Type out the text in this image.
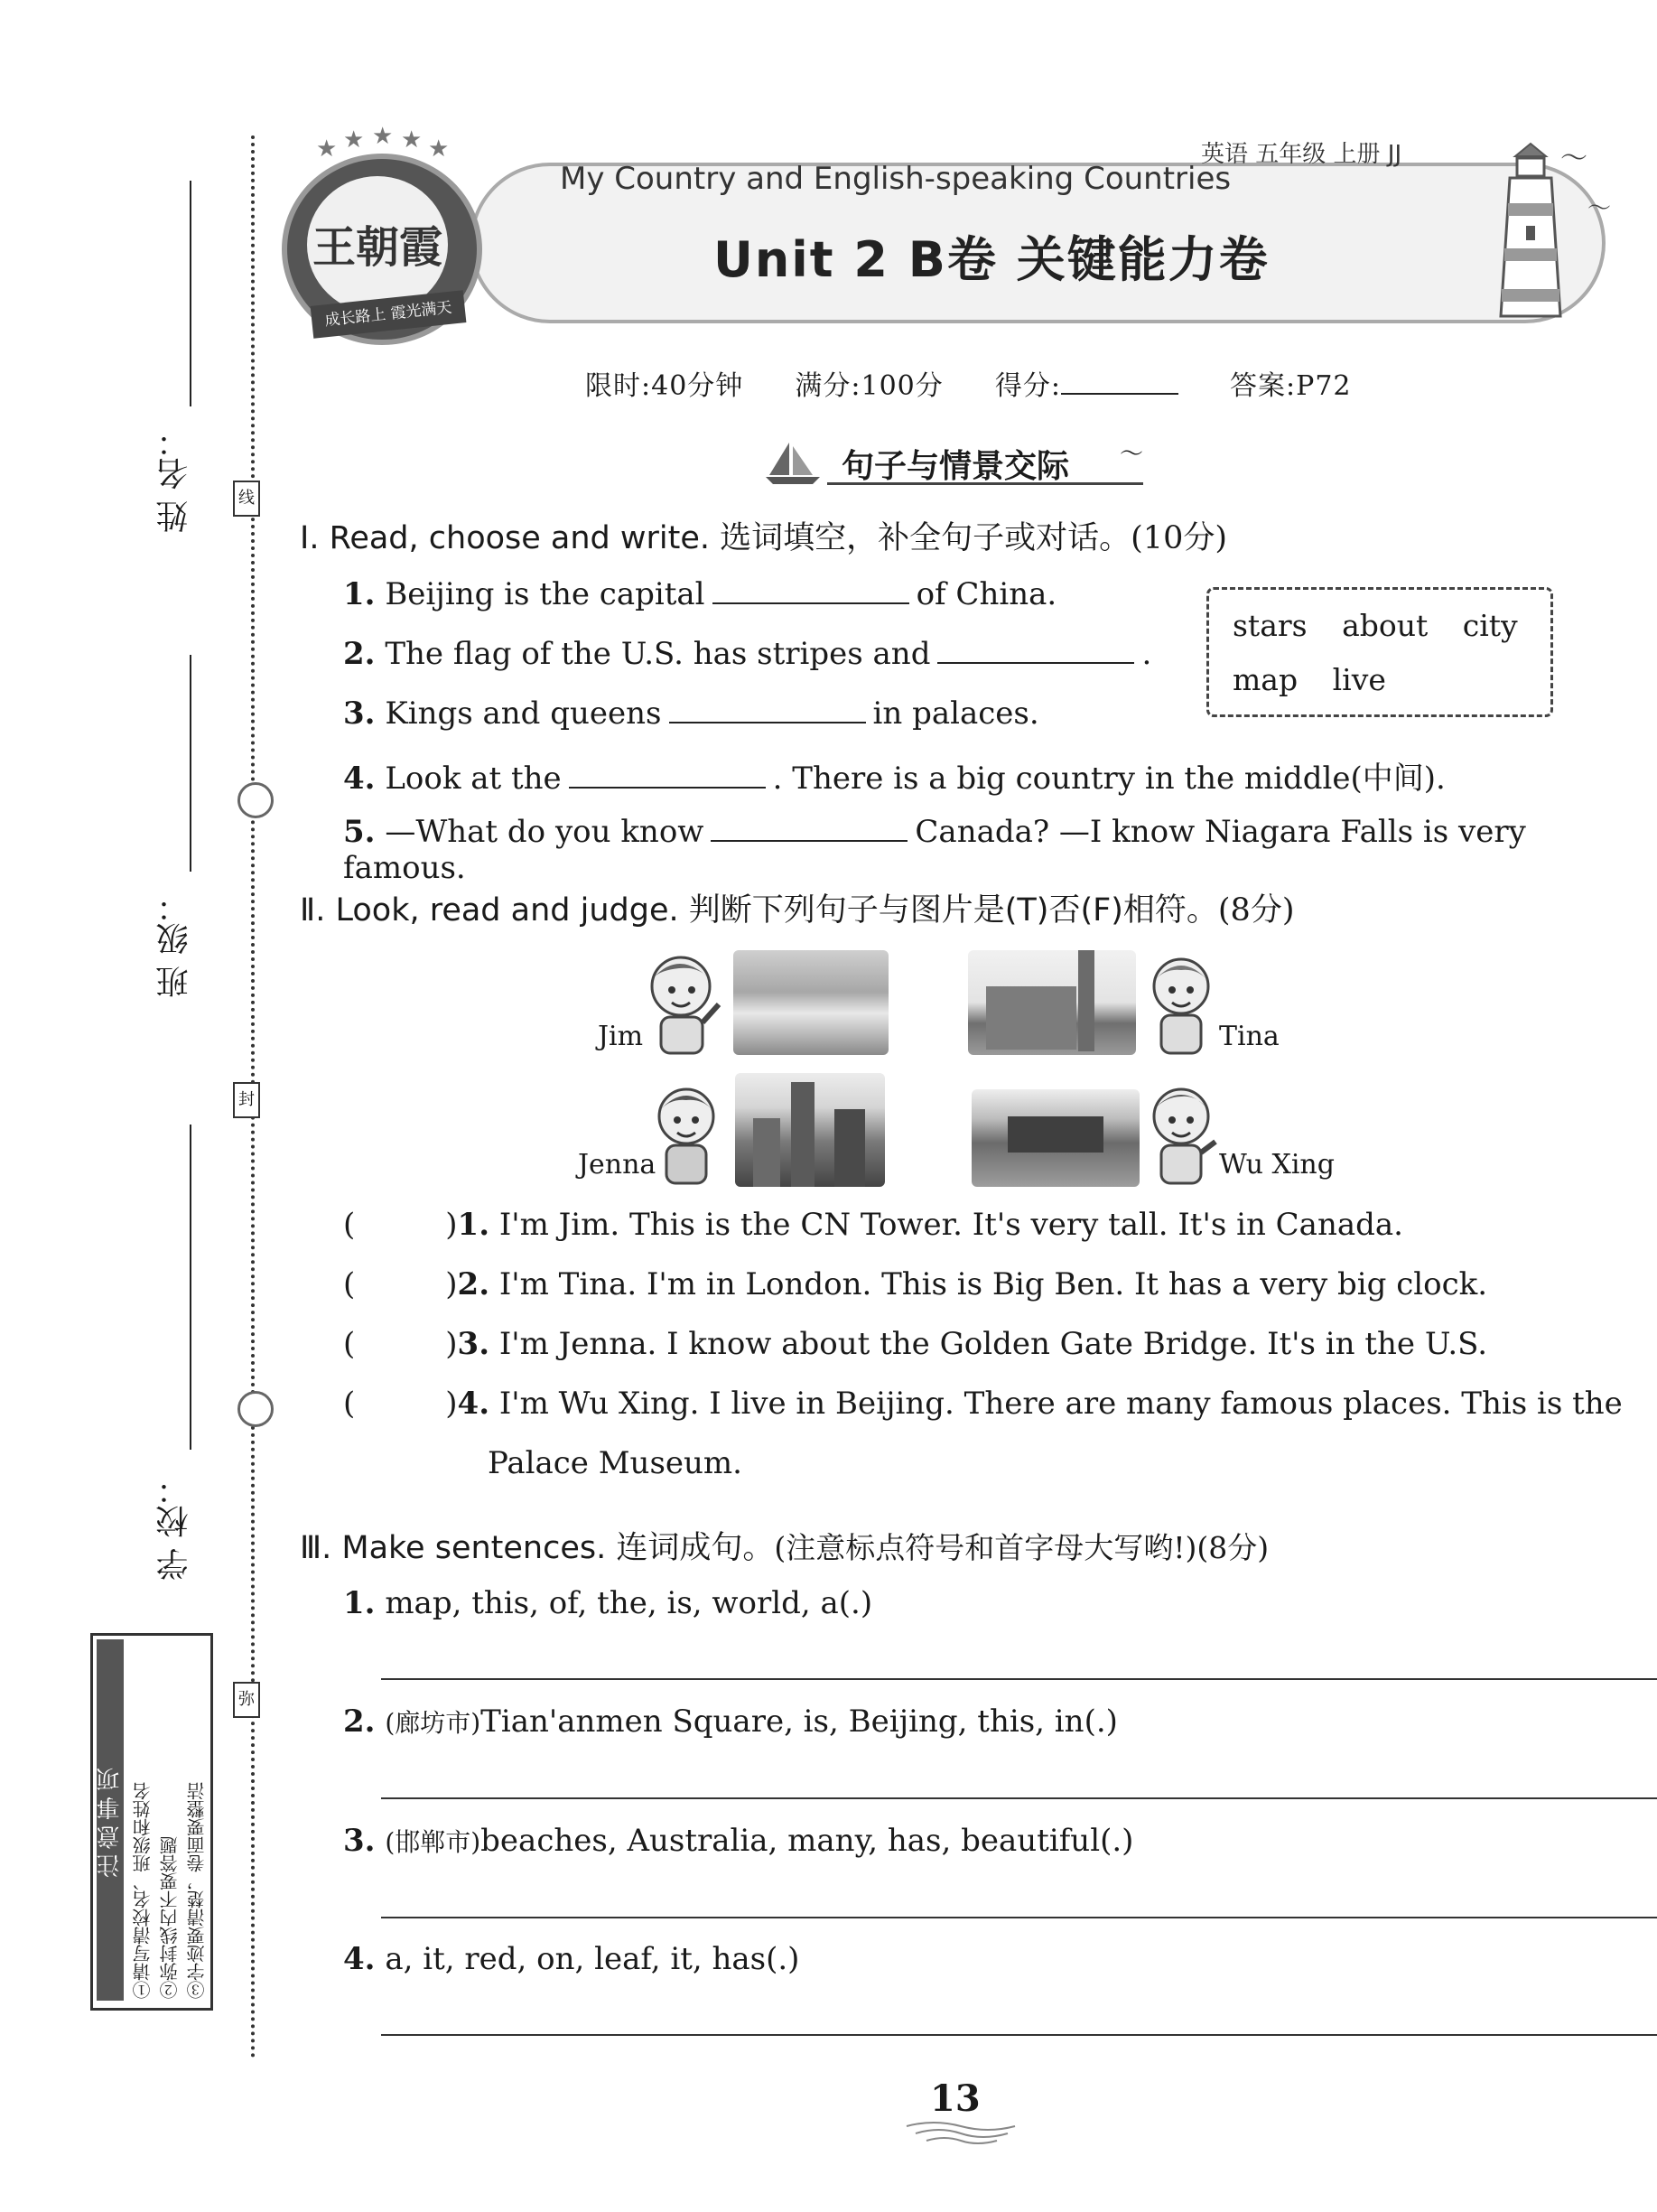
线
封
弥
姓 名：
班 级：
学 校：
注意事项 ①请写清校名、班级和姓名 ②弥封线内不要答题 ③字迹要清楚，卷面要整洁
★ ★ ★ ★ ★
王朝霞
成长路上 霞光满天
My Country and English-speaking Countries
英语 五年级 上册 JJ
Unit 2 B卷 关键能力卷
〜
〜
限时:40分钟 满分:100分 得分:	答案:P72
句子与情景交际 〜
Ⅰ. Read, choose and write. 选词填空，补全句子或对话。(10分)
1. Beijing is the capital	of China.
2. The flag of the U.S. has stripes and	.
3. Kings and queens	in palaces.
4. Look at the	. There is a big country in the middle(中间).
5. —What do you know	Canada? —I know Niagara Falls is very famous.
stars about city
map live
Ⅱ. Look, read and judge. 判断下列句子与图片是(T)否(F)相符。(8分)
Jim	Tina
Jenna	Wu Xing
(	)1. I'm Jim. This is the CN Tower. It's very tall. It's in Canada.
(	)2. I'm Tina. I'm in London. This is Big Ben. It has a very big clock.
(	)3. I'm Jenna. I know about the Golden Gate Bridge. It's in the U.S.
(	)4. I'm Wu Xing. I live in Beijing. There are many famous places. This is the
Palace Museum.
Ⅲ. Make sentences. 连词成句。(注意标点符号和首字母大写哟!)(8分)
1. map, this, of, the, is, world, a(.)
2. (廊坊市)Tian'anmen Square, is, Beijing, this, in(.)
3. (邯郸市)beaches, Australia, many, has, beautiful(.)
4. a, it, red, on, leaf, it, has(.)
13
